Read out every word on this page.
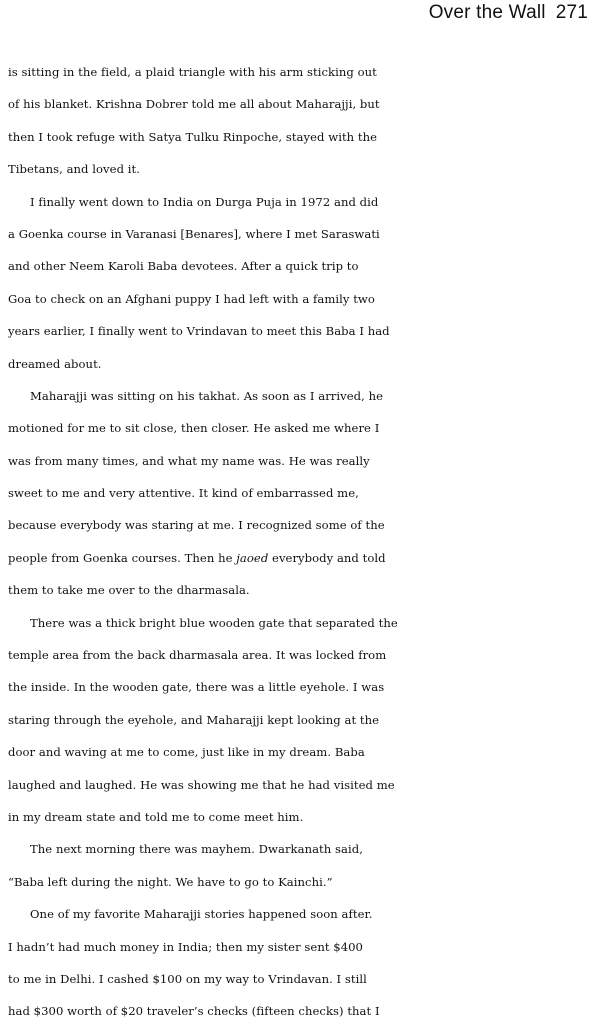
Over the Wall 271
is sitting in the field, a plaid triangle with his arm sticking out
of his blanket. Krishna Dobrer told me all about Maharajji, but
then I took refuge with Satya Tulku Rinpoche, stayed with the
Tibetans, and loved it.
I finally went down to India on Durga Puja in 1972 and did
a Goenka course in Varanasi [Benares], where I met Saraswati
and other Neem Karoli Baba devotees. After a quick trip to
Goa to check on an Afghani puppy I had left with a family two
years earlier, I finally went to Vrindavan to meet this Baba I had
dreamed about.
Maharajji was sitting on his takhat. As soon as I arrived, he
motioned for me to sit close, then closer. He asked me where I
was from many times, and what my name was. He was really
sweet to me and very attentive. It kind of embarrassed me,
because everybody was staring at me. I recognized some of the
people from Goenka courses. Then he jaoed everybody and told
them to take me over to the dharmasala.
There was a thick bright blue wooden gate that separated the
temple area from the back dharmasala area. It was locked from
the inside. In the wooden gate, there was a little eyehole. I was
staring through the eyehole, and Maharajji kept looking at the
door and waving at me to come, just like in my dream. Baba
laughed and laughed. He was showing me that he had visited me
in my dream state and told me to come meet him.
The next morning there was mayhem. Dwarkanath said,
“Baba left during the night. We have to go to Kainchi.”
One of my favorite Maharajji stories happened soon after.
I hadn’t had much money in India; then my sister sent $400
to me in Delhi. I cashed $100 on my way to Vrindavan. I still
had $300 worth of $20 traveler’s checks (fifteen checks) that I
